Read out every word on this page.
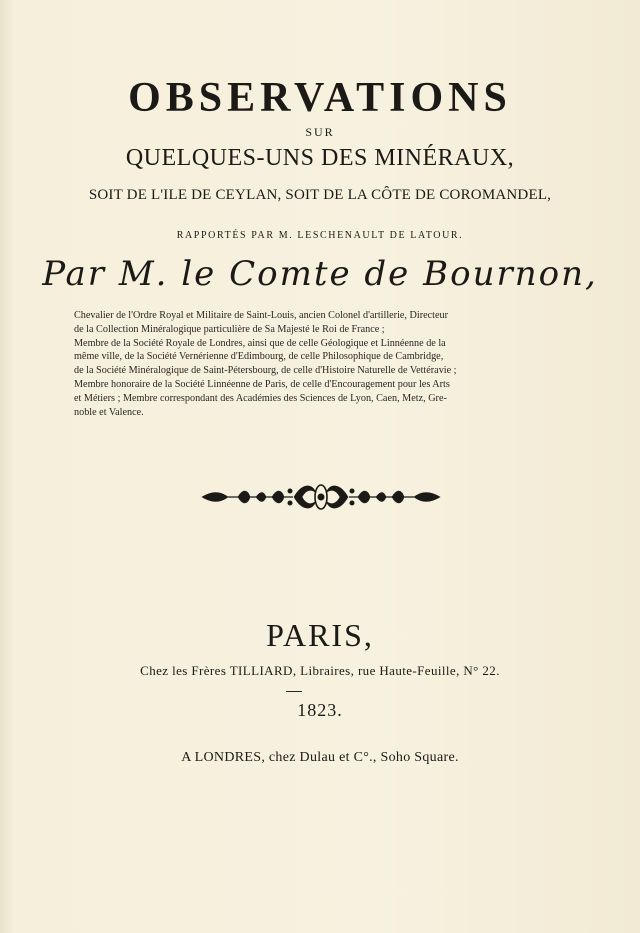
OBSERVATIONS
SUR
QUELQUES-UNS DES MINÉRAUX,
SOIT DE L'ILE DE CEYLAN, SOIT DE LA CÔTE DE COROMANDEL,
RAPPORTÉS PAR M. LESCHENAULT DE LATOUR.
Par M. le Comte de Bournon,
Chevalier de l'Ordre Royal et Militaire de Saint-Louis, ancien Colonel d'artillerie, Directeur
de la Collection Minéralogique particulière de Sa Majesté le Roi de France ;
Membre de la Société Royale de Londres, ainsi que de celle Géologique et Linnéenne de la
même ville, de la Société Vernérienne d'Edimbourg, de celle Philosophique de Cambridge,
de la Société Minéralogique de Saint-Pétersbourg, de celle d'Histoire Naturelle de Vettéravie ;
Membre honoraire de la Société Linnéenne de Paris, de celle d'Encouragement pour les Arts
et Métiers ; Membre correspondant des Académies des Sciences de Lyon, Caen, Metz, Gre-
noble et Valence.
PARIS,
Chez les Frères TILLIARD, Libraires, rue Haute-Feuille, N° 22.
1823.
A LONDRES, chez Dulau et C°., Soho Square.
